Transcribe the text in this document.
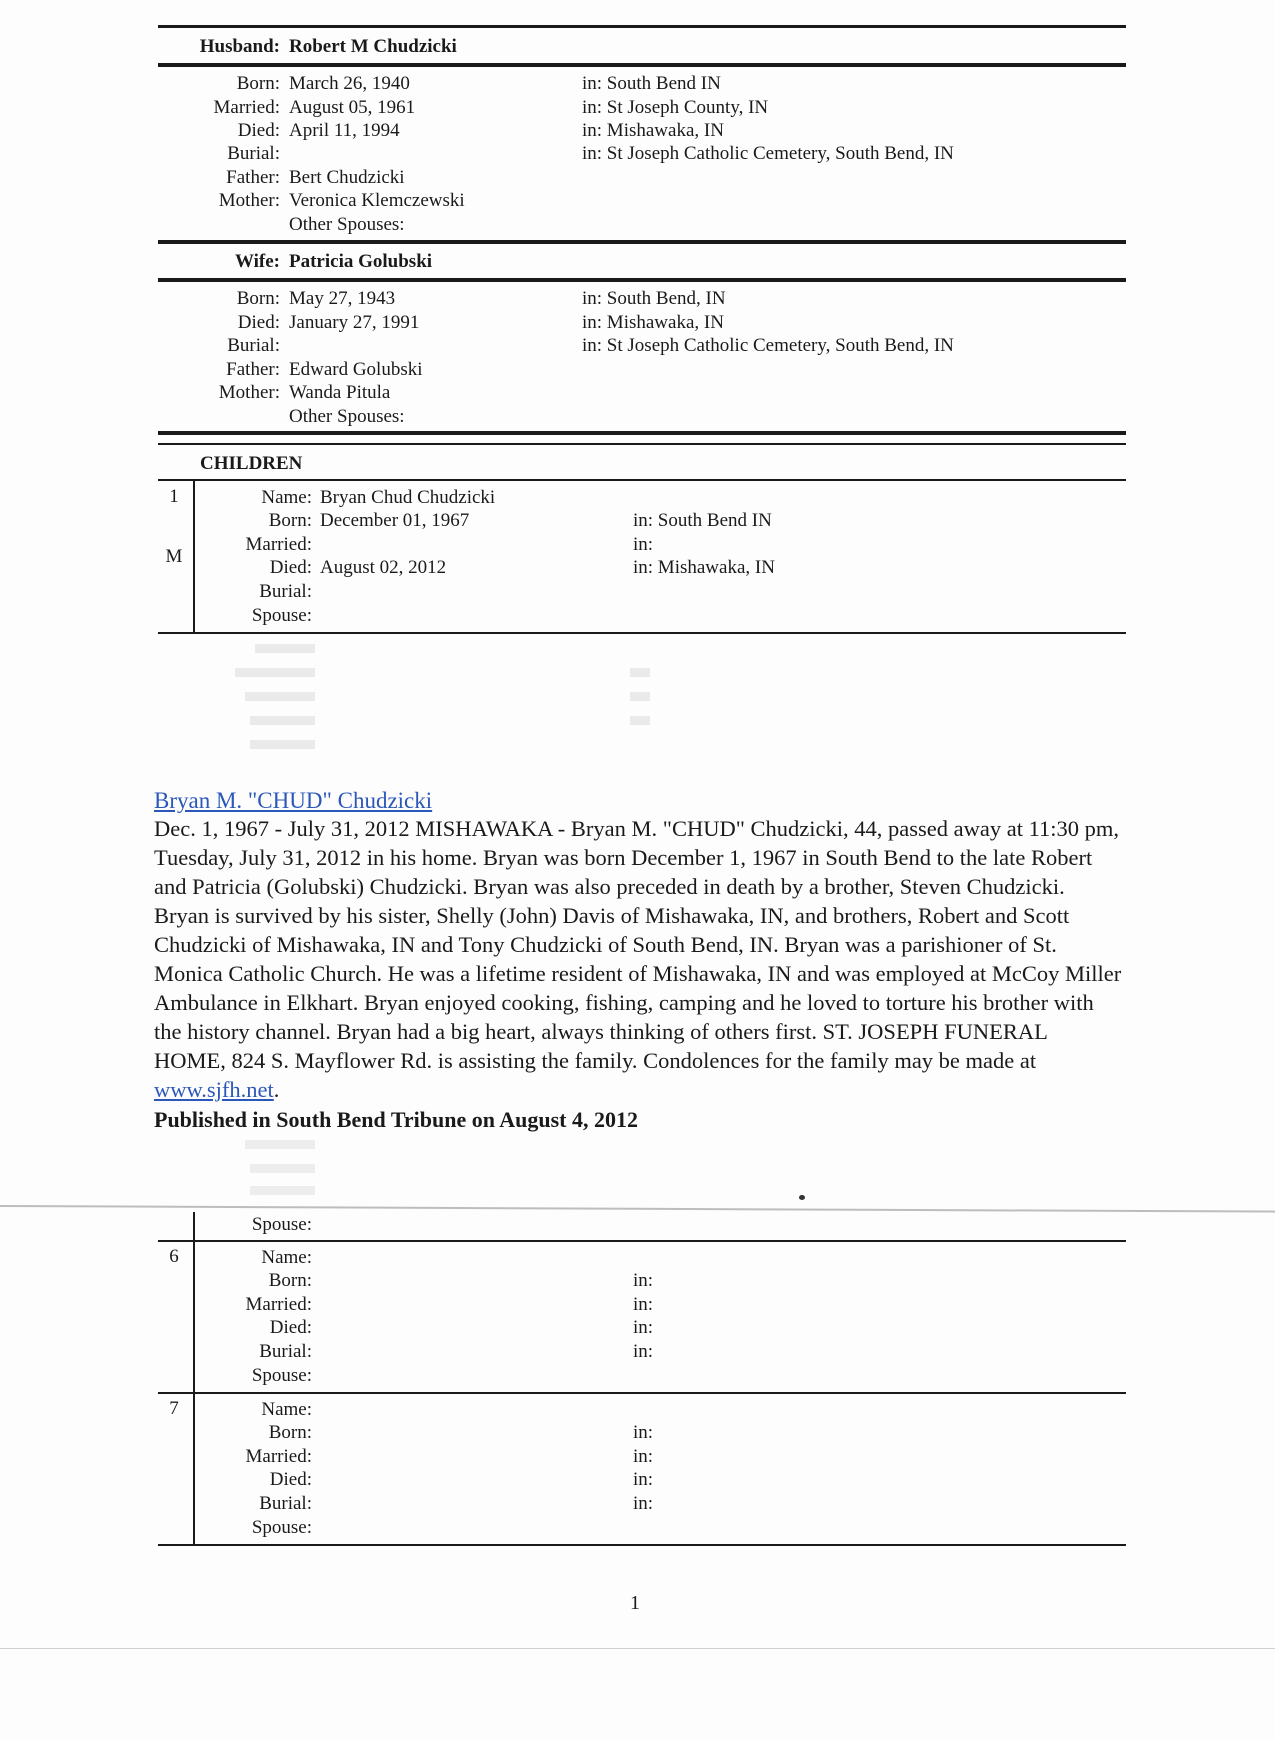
Husband: Robert M Chudzicki
Born: March 26, 1940	in: South Bend IN
Married: August 05, 1961	in: St Joseph County, IN
Died: April 11, 1994	in: Mishawaka, IN
Burial:	in: St Joseph Catholic Cemetery, South Bend, IN
Father: Bert Chudzicki
Mother: Veronica Klemczewski
Other Spouses:
Wife: Patricia Golubski
Born: May 27, 1943	in: South Bend, IN
Died: January 27, 1991	in: Mishawaka, IN
Burial:	in: St Joseph Catholic Cemetery, South Bend, IN
Father: Edward Golubski
Mother: Wanda Pitula
Other Spouses:
CHILDREN
1
M
Name: Bryan Chud Chudzicki
Born: December 01, 1967	in: South Bend IN
Married:	in:
Died: August 02, 2012	in: Mishawaka, IN
Burial:
Spouse:
Bryan M. "CHUD" Chudzicki
Dec. 1, 1967 - July 31, 2012 MISHAWAKA - Bryan M. "CHUD" Chudzicki, 44, passed away at 11:30 pm, Tuesday, July 31, 2012 in his home. Bryan was born December 1, 1967 in South Bend to the late Robert and Patricia (Golubski) Chudzicki. Bryan was also preceded in death by a brother, Steven Chudzicki. Bryan is survived by his sister, Shelly (John) Davis of Mishawaka, IN, and brothers, Robert and Scott Chudzicki of Mishawaka, IN and Tony Chudzicki of South Bend, IN. Bryan was a parishioner of St. Monica Catholic Church. He was a lifetime resident of Mishawaka, IN and was employed at McCoy Miller Ambulance in Elkhart. Bryan enjoyed cooking, fishing, camping and he loved to torture his brother with the history channel. Bryan had a big heart, always thinking of others first. ST. JOSEPH FUNERAL HOME, 824 S. Mayflower Rd. is assisting the family. Condolences for the family may be made at www.sjfh.net.
Published in South Bend Tribune on August 4, 2012
Spouse:
6	Name:
Born:	in:
Married:	in:
Died:	in:
Burial:	in:
Spouse:
7	Name:
Born:	in:
Married:	in:
Died:	in:
Burial:	in:
Spouse:
1
